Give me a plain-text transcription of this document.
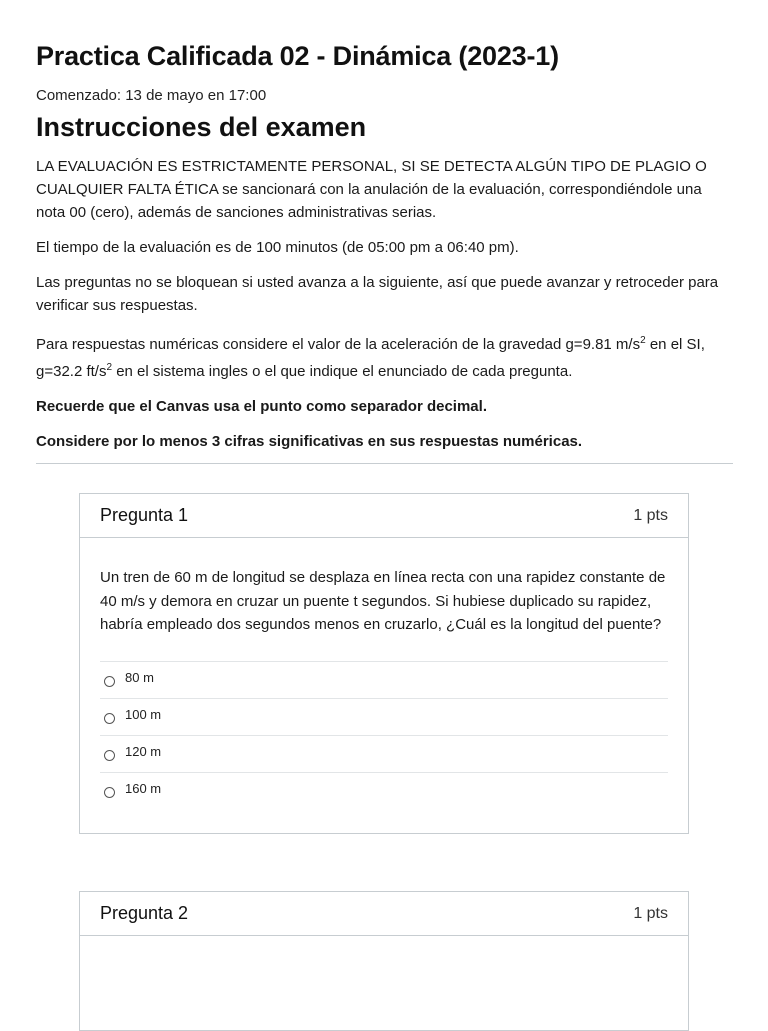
Practica Calificada 02 - Dinámica (2023-1)
Comenzado: 13 de mayo en 17:00
Instrucciones del examen

LA EVALUACIÓN ES ESTRICTAMENTE PERSONAL, SI SE DETECTA ALGÚN TIPO DE PLAGIO O CUALQUIER FALTA ÉTICA se sancionará con la anulación de la evaluación, correspondiéndole una nota 00 (cero), además de sanciones administrativas serias.

El tiempo de la evaluación es de 100 minutos (de 05:00 pm a 06:40 pm).

Las preguntas no se bloquean si usted avanza a la siguiente, así que puede avanzar y retroceder para verificar sus respuestas.

Para respuestas numéricas considere el valor de la aceleración de la gravedad g=9.81 $m/s^2$ en el SI, g=32.2 $ft/s^2$ en el sistema ingles o el que indique el enunciado de cada pregunta.

Recuerde que el Canvas usa el punto como separador decimal.

Considere por lo menos 3 cifras significativas en sus respuestas numéricas.

Pregunta 1	1 pts

Un tren de 60 m de longitud se desplaza en línea recta con una rapidez constante de 40 m/s y demora en cruzar un puente t segundos. Si hubiese duplicado su rapidez, habría empleado dos segundos menos en cruzarlo, ¿Cuál es la longitud del puente?

80 m
100 m
120 m
160 m
Pregunta 2	1 pts
